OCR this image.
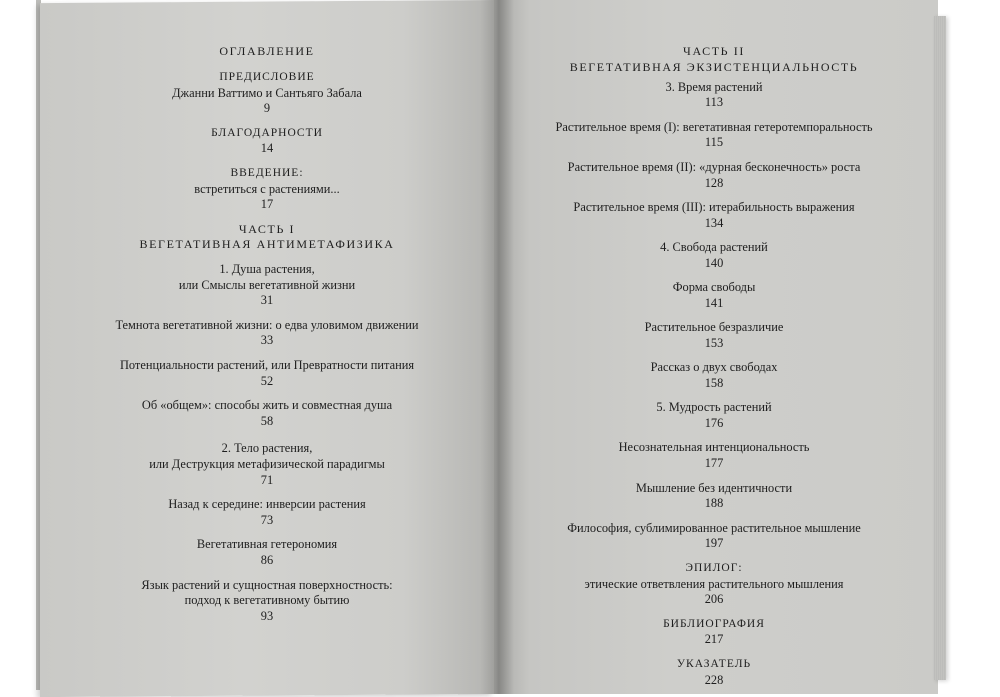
ОГЛАВЛЕНИЕ
ПРЕДИСЛОВИЕ
Джанни Ваттимо и Сантьяго Забала
9
БЛАГОДАРНОСТИ
14
ВВЕДЕНИЕ:
встретиться с растениями...
17
ЧАСТЬ I
ВЕГЕТАТИВНАЯ АНТИМЕТАФИЗИКА
1. Душа растения,
или Смыслы вегетативной жизни
31
Темнота вегетативной жизни: о едва уловимом движении
33
Потенциальности растений, или Превратности питания
52
Об «общем»: способы жить и совместная душа
58
2. Тело растения,
или Деструкция метафизической парадигмы
71
Назад к середине: инверсии растения
73
Вегетативная гетерономия
86
Язык растений и сущностная поверхностность:
подход к вегетативному бытию
93
ЧАСТЬ II
ВЕГЕТАТИВНАЯ ЭКЗИСТЕНЦИАЛЬНОСТЬ
3. Время растений
113
Растительное время (I): вегетативная гетеротемпоральность
115
Растительное время (II): «дурная бесконечность» роста
128
Растительное время (III): итерабильность выражения
134
4. Свобода растений
140
Форма свободы
141
Растительное безразличие
153
Рассказ о двух свободах
158
5. Мудрость растений
176
Несознательная интенциональность
177
Мышление без идентичности
188
Философия, сублимированное растительное мышление
197
ЭПИЛОГ:
этические ответвления растительного мышления
206
БИБЛИОГРАФИЯ
217
УКАЗАТЕЛЬ
228
